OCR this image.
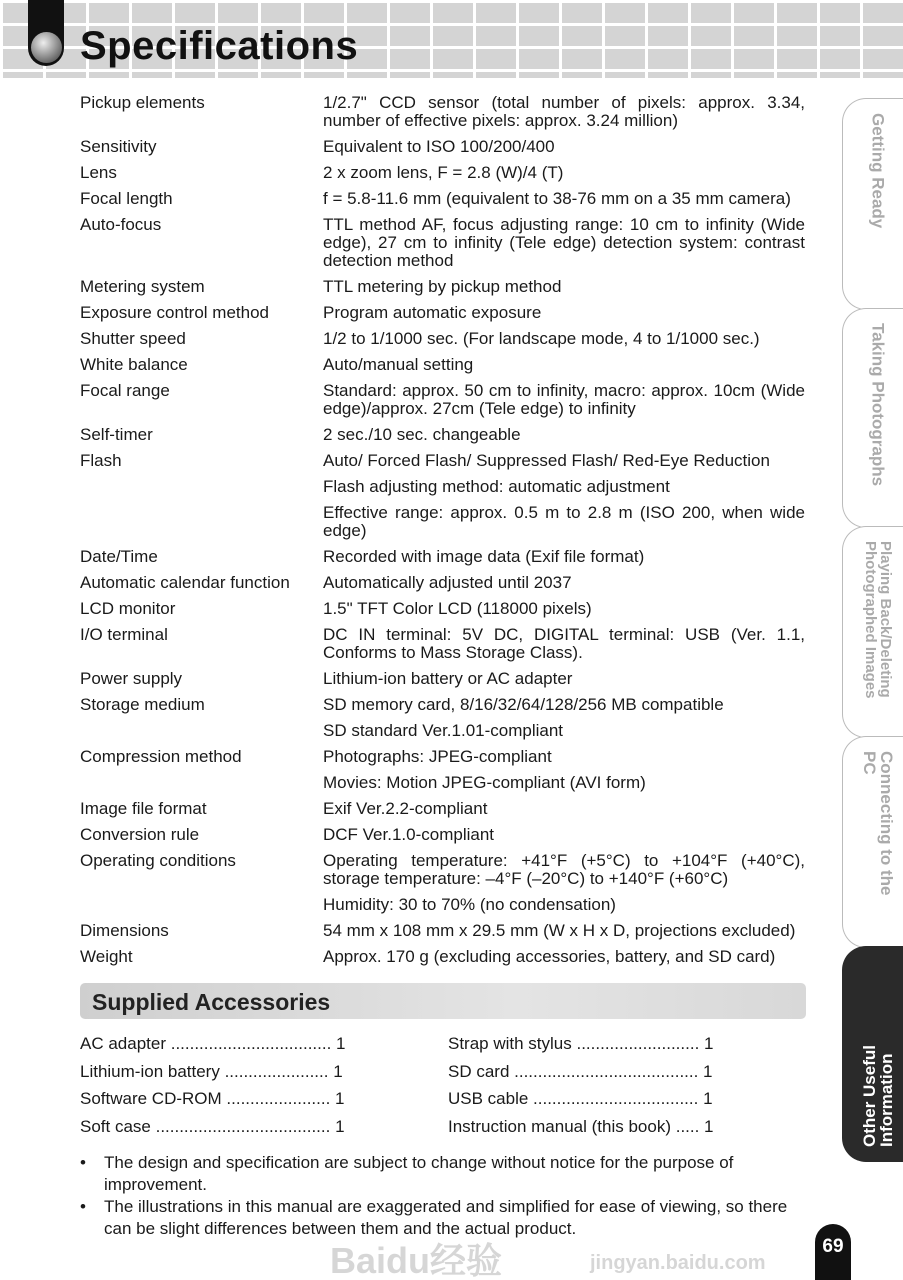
Specifications
Pickup elements	1/2.7" CCD sensor (total number of pixels: approx. 3.34, number of effective pixels: approx. 3.24 million)

Sensitivity	Equivalent to ISO 100/200/400

Lens	2 x zoom lens, F = 2.8 (W)/4 (T)

Focal length	f = 5.8-11.6 mm (equivalent to 38-76 mm on a 35 mm camera)

Auto-focus	TTL method AF, focus adjusting range: 10 cm to infinity (Wide edge), 27 cm to infinity (Tele edge) detection system: contrast detection method

Metering system	TTL metering by pickup method

Exposure control method	Program automatic exposure

Shutter speed	1/2 to 1/1000 sec. (For landscape mode, 4 to 1/1000 sec.)

White balance	Auto/manual setting

Focal range	Standard: approx. 50 cm to infinity, macro: approx. 10cm (Wide edge)/approx. 27cm (Tele edge) to infinity

Self-timer	2 sec./10 sec. changeable

Flash	Auto/ Forced Flash/ Suppressed Flash/ Red-Eye Reduction

Flash adjusting method: automatic adjustment

Effective range: approx. 0.5 m to 2.8 m (ISO 200, when wide edge)

Date/Time	Recorded with image data (Exif file format)

Automatic calendar function	Automatically adjusted until 2037

LCD monitor	1.5" TFT Color LCD (118000 pixels)

I/O terminal	DC IN terminal: 5V DC, DIGITAL terminal: USB (Ver. 1.1, Conforms to Mass Storage Class).

Power supply	Lithium-ion battery or AC adapter

Storage medium	SD memory card, 8/16/32/64/128/256 MB compatible

SD standard Ver.1.01-compliant

Compression method	Photographs: JPEG-compliant

Movies: Motion JPEG-compliant (AVI form)

Image file format	Exif Ver.2.2-compliant

Conversion rule	DCF Ver.1.0-compliant

Operating conditions	Operating temperature: +41°F (+5°C) to +104°F (+40°C), storage temperature: –4°F (–20°C) to +140°F (+60°C)

Humidity: 30 to 70% (no condensation)

Dimensions	54 mm x 108 mm x 29.5 mm (W x H x D, projections excluded)

Weight	Approx. 170 g (excluding accessories, battery, and SD card)

Supplied Accessories
AC adapter .................................. 1
Lithium-ion battery ...................... 1
Software CD-ROM ...................... 1
Soft case ..................................... 1
Strap with stylus .......................... 1
SD card ....................................... 1
USB cable ................................... 1
Instruction manual (this book) ..... 1
• The design and specification are subject to change without notice for the purpose of improvement.
• The illustrations in this manual are exaggerated and simplified for ease of viewing, so there can be slight differences between them and the actual product.
Getting Ready
Taking Photographs
Playing Back/Deleting
Photographed Images
Connecting to the
PC
Other Useful
Information
Baidu经验	jingyan.baidu.com
69
